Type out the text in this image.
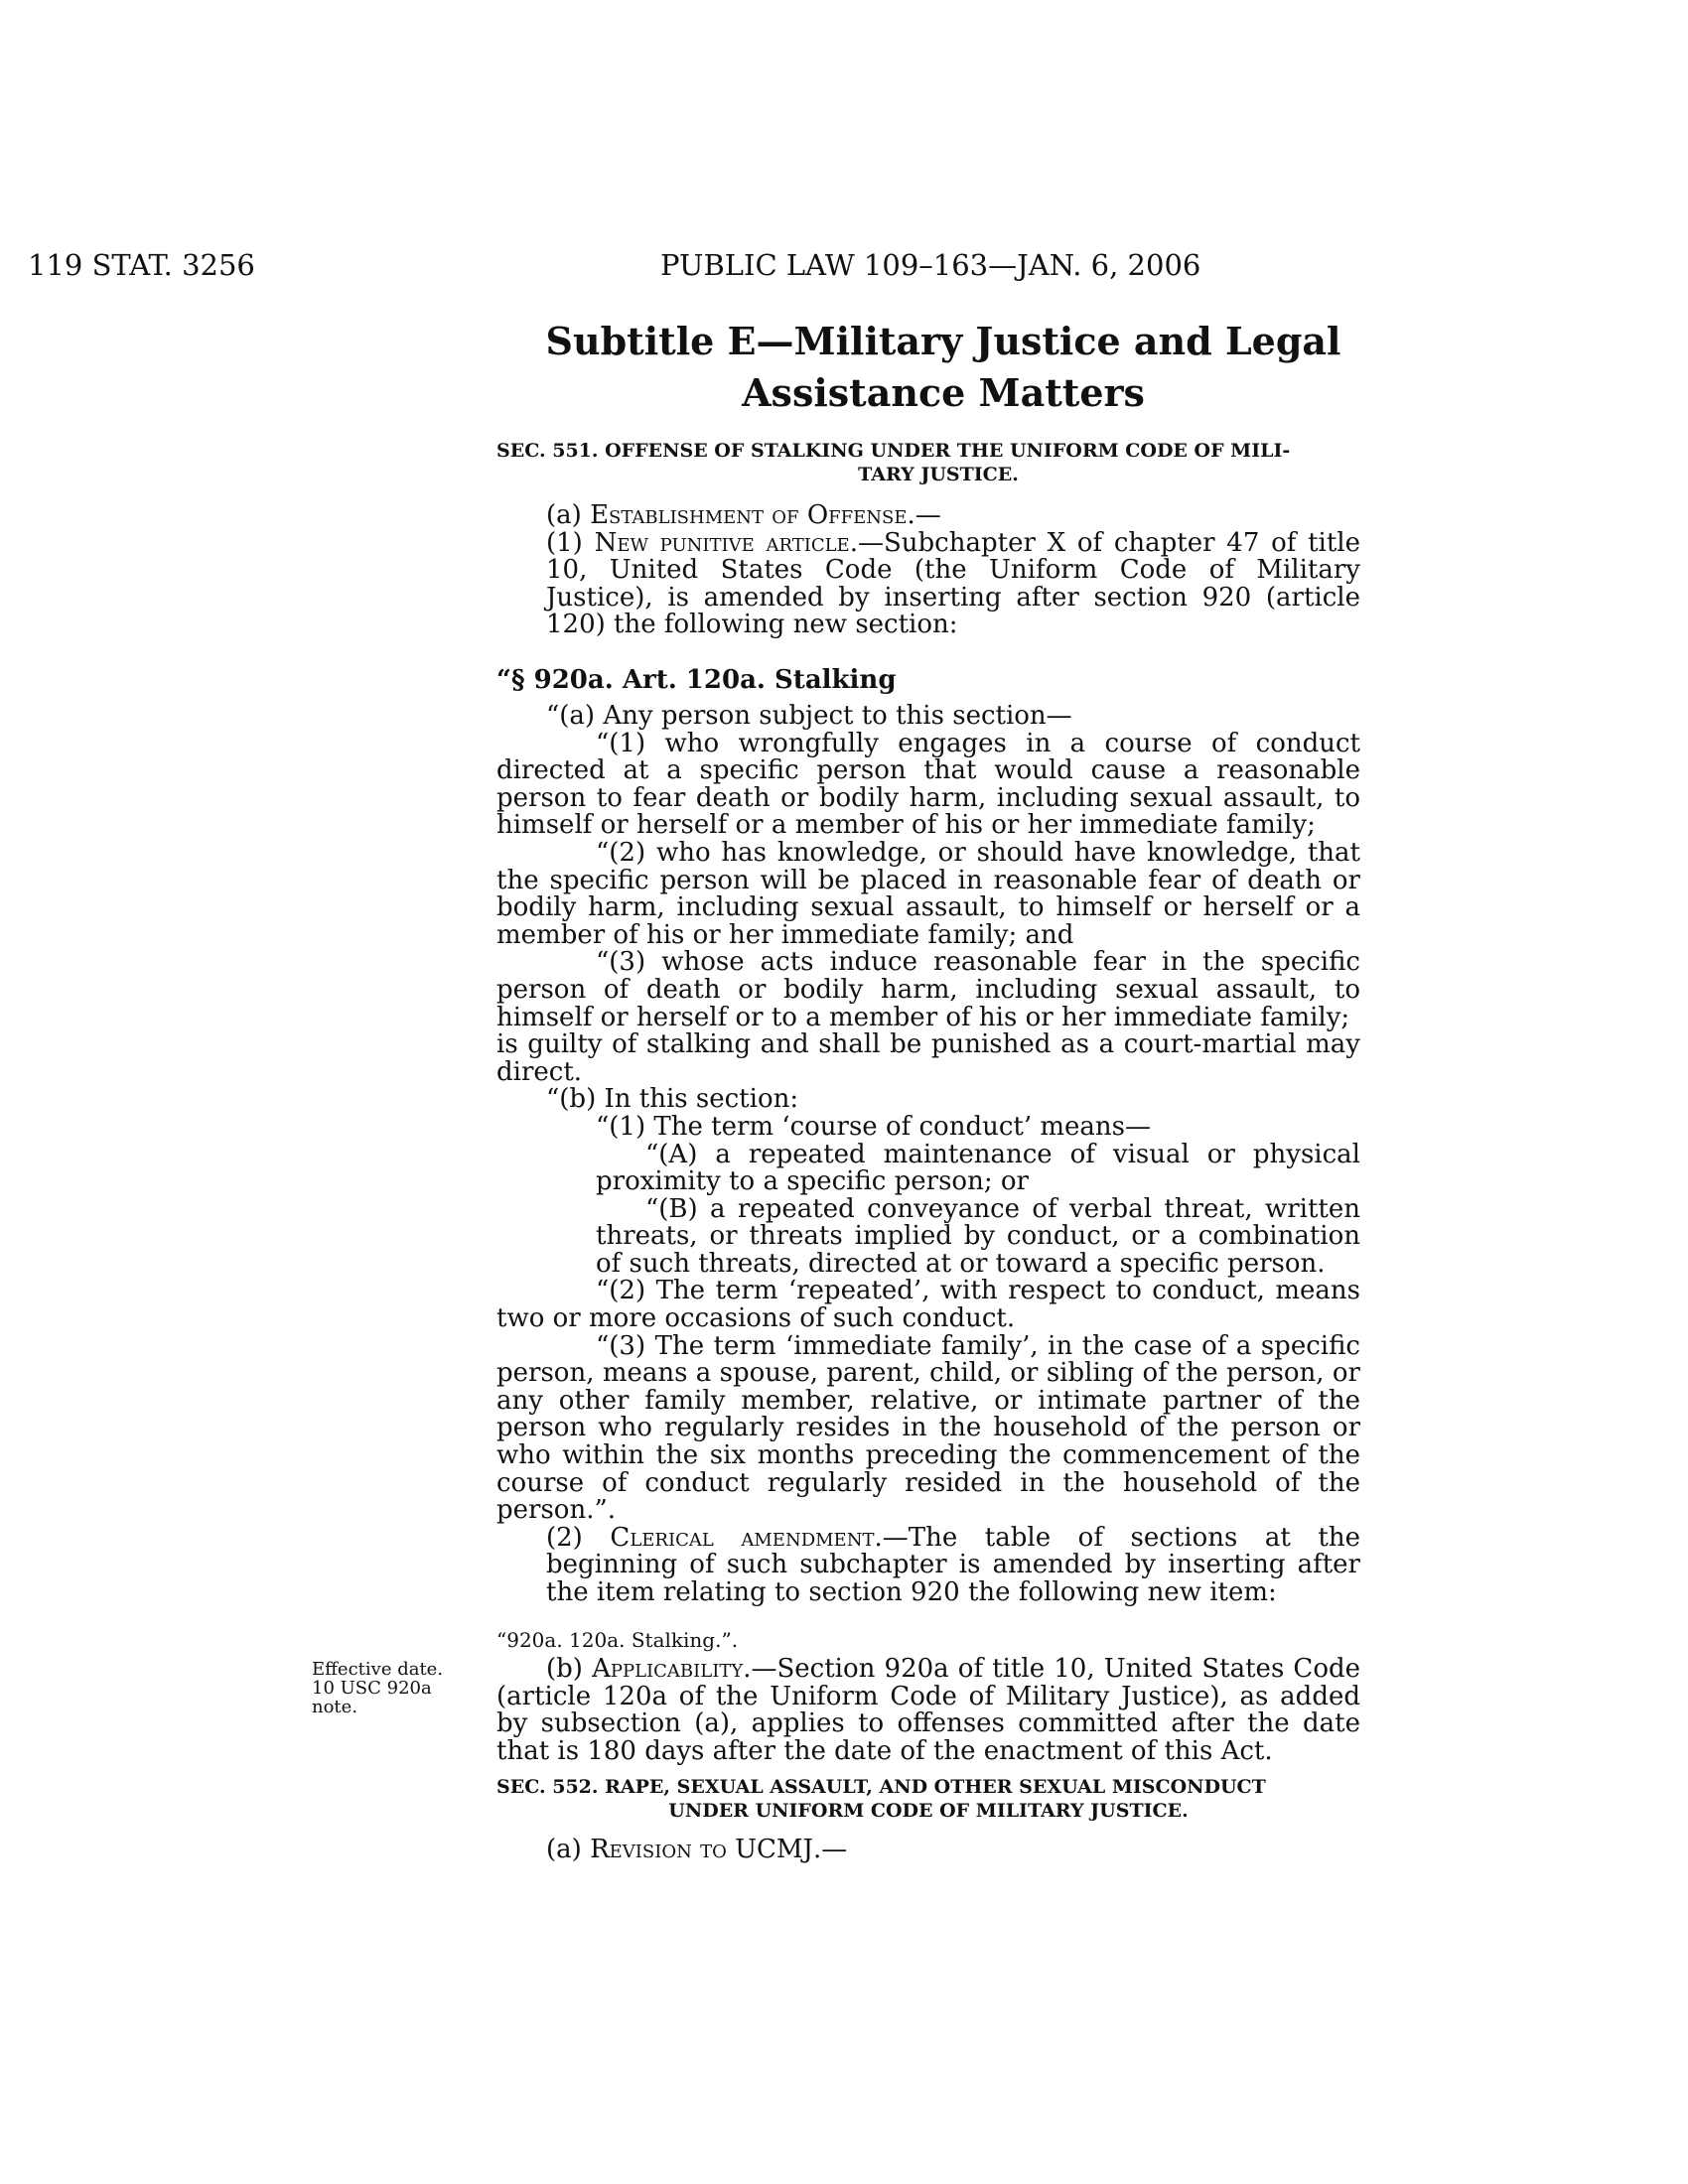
119 STAT. 3256	PUBLIC LAW 109–163—JAN. 6, 2006
Subtitle E—Military Justice and Legal
Assistance Matters
SEC. 551. OFFENSE OF STALKING UNDER THE UNIFORM CODE OF MILI-
TARY JUSTICE.

(a) Establishment of Offense.—

(1) New punitive article.—Subchapter X of chapter 47 of title 10, United States Code (the Uniform Code of Military Justice), is amended by inserting after section 920 (article 120) the following new section:

“§ 920a. Art. 120a. Stalking

“(a) Any person subject to this section—

“(1) who wrongfully engages in a course of conduct directed at a specific person that would cause a reasonable person to fear death or bodily harm, including sexual assault, to himself or herself or a member of his or her immediate family;

“(2) who has knowledge, or should have knowledge, that the specific person will be placed in reasonable fear of death or bodily harm, including sexual assault, to himself or herself or a member of his or her immediate family; and

“(3) whose acts induce reasonable fear in the specific person of death or bodily harm, including sexual assault, to himself or herself or to a member of his or her immediate family;

is guilty of stalking and shall be punished as a court-martial may direct.

“(b) In this section:

“(1) The term ‘course of conduct’ means—

“(A) a repeated maintenance of visual or physical proximity to a specific person; or

“(B) a repeated conveyance of verbal threat, written threats, or threats implied by conduct, or a combination of such threats, directed at or toward a specific person.

“(2) The term ‘repeated’, with respect to conduct, means two or more occasions of such conduct.

“(3) The term ‘immediate family’, in the case of a specific person, means a spouse, parent, child, or sibling of the person, or any other family member, relative, or intimate partner of the person who regularly resides in the household of the person or who within the six months preceding the commencement of the course of conduct regularly resided in the household of the person.”.

(2) Clerical amendment.—The table of sections at the beginning of such subchapter is amended by inserting after the item relating to section 920 the following new item:

“920a. 120a. Stalking.”.

Effective date.
10 USC 920a
note.

(b) Applicability.—Section 920a of title 10, United States Code (article 120a of the Uniform Code of Military Justice), as added by subsection (a), applies to offenses committed after the date that is 180 days after the date of the enactment of this Act.

SEC. 552. RAPE, SEXUAL ASSAULT, AND OTHER SEXUAL MISCONDUCT
UNDER UNIFORM CODE OF MILITARY JUSTICE.

(a) Revision to UCMJ.—
